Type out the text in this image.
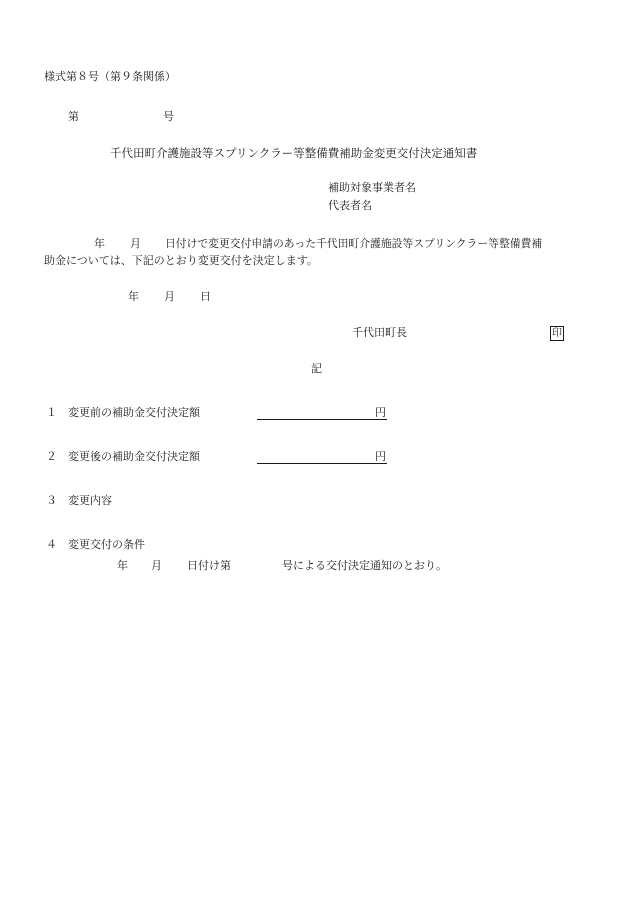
様式第８号（第９条関係）
第	号
千代田町介護施設等スプリンクラー等整備費補助金変更交付決定通知書
補助対象事業者名
代表者名
年 月 日付けで変更交付申請のあった千代田町介護施設等スプリンクラー等整備費補
助金については、下記のとおり変更交付を決定します。
年 月 日
千代田町長	印
記
１ 変更前の補助金交付決定額	円
２ 変更後の補助金交付決定額	円
３ 変更内容
４ 変更交付の条件
年 月 日付け第	号による交付決定通知のとおり。
